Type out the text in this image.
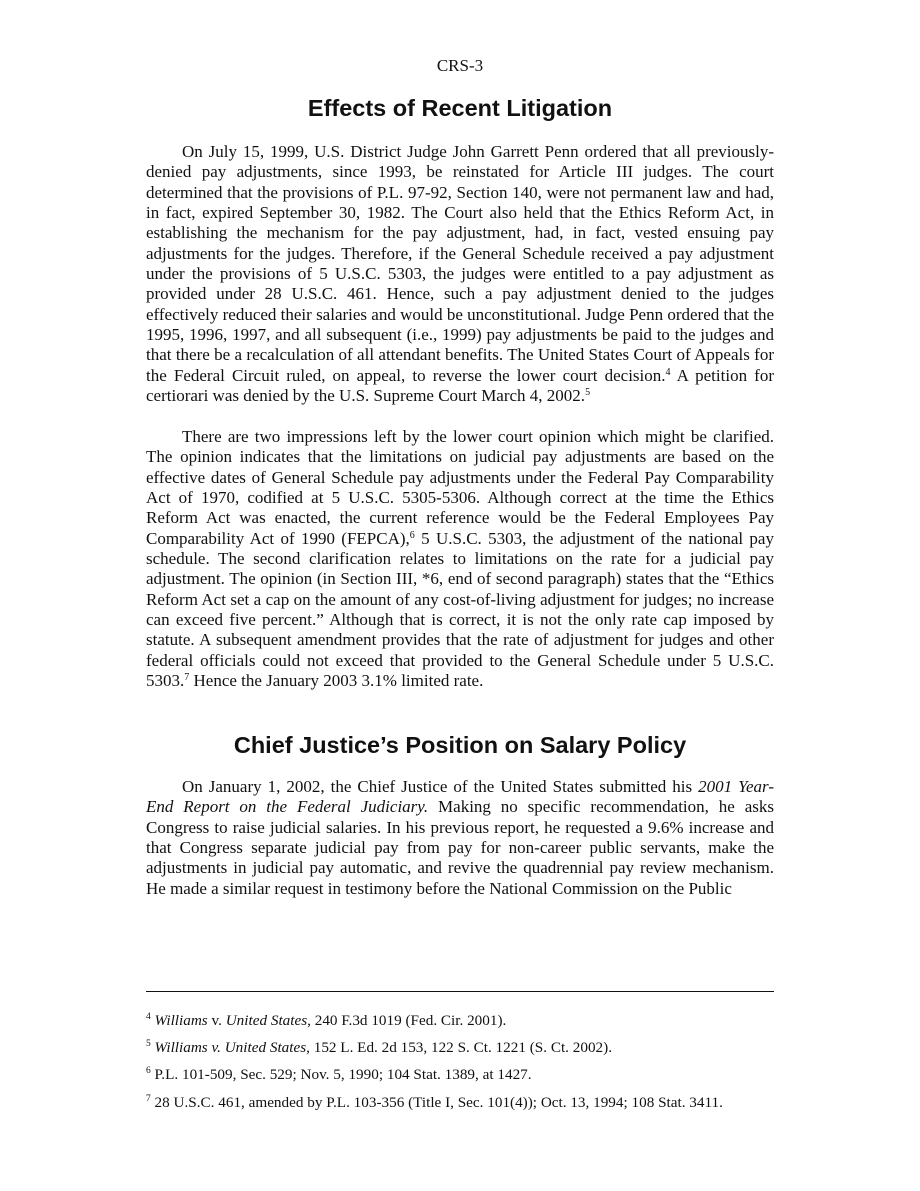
CRS-3
Effects of Recent Litigation

On July 15, 1999, U.S. District Judge John Garrett Penn ordered that all previously-denied pay adjustments, since 1993, be reinstated for Article III judges. The court determined that the provisions of P.L. 97-92, Section 140, were not permanent law and had, in fact, expired September 30, 1982. The Court also held that the Ethics Reform Act, in establishing the mechanism for the pay adjustment, had, in fact, vested ensuing pay adjustments for the judges. Therefore, if the General Schedule received a pay adjustment under the provisions of 5 U.S.C. 5303, the judges were entitled to a pay adjustment as provided under 28 U.S.C. 461. Hence, such a pay adjustment denied to the judges effectively reduced their salaries and would be unconstitutional. Judge Penn ordered that the 1995, 1996, 1997, and all subsequent (i.e., 1999) pay adjustments be paid to the judges and that there be a recalculation of all attendant benefits. The United States Court of Appeals for the Federal Circuit ruled, on appeal, to reverse the lower court decision.$^4$ A petition for certiorari was denied by the U.S. Supreme Court March 4, 2002.$^5$

There are two impressions left by the lower court opinion which might be clarified. The opinion indicates that the limitations on judicial pay adjustments are based on the effective dates of General Schedule pay adjustments under the Federal Pay Comparability Act of 1970, codified at 5 U.S.C. 5305-5306. Although correct at the time the Ethics Reform Act was enacted, the current reference would be the Federal Employees Pay Comparability Act of 1990 (FEPCA),$^6$ 5 U.S.C. 5303, the adjustment of the national pay schedule. The second clarification relates to limitations on the rate for a judicial pay adjustment. The opinion (in Section III, *6, end of second paragraph) states that the “Ethics Reform Act set a cap on the amount of any cost-of-living adjustment for judges; no increase can exceed five percent.” Although that is correct, it is not the only rate cap imposed by statute. A subsequent amendment provides that the rate of adjustment for judges and other federal officials could not exceed that provided to the General Schedule under 5 U.S.C. 5303.$^7$ Hence the January 2003 3.1% limited rate.

Chief Justice’s Position on Salary Policy

On January 1, 2002, the Chief Justice of the United States submitted his 2001 Year-End Report on the Federal Judiciary. Making no specific recommendation, he asks Congress to raise judicial salaries. In his previous report, he requested a 9.6% increase and that Congress separate judicial pay from pay for non-career public servants, make the adjustments in judicial pay automatic, and revive the quadrennial pay review mechanism. He made a similar request in testimony before the National Commission on the Public

$^4$ Williams v. United States, 240 F.3d 1019 (Fed. Cir. 2001).
$^5$ Williams v. United States, 152 L. Ed. 2d 153, 122 S. Ct. 1221 (S. Ct. 2002).
$^6$ P.L. 101-509, Sec. 529; Nov. 5, 1990; 104 Stat. 1389, at 1427.
$^7$ 28 U.S.C. 461, amended by P.L. 103-356 (Title I, Sec. 101(4)); Oct. 13, 1994; 108 Stat. 3411.
